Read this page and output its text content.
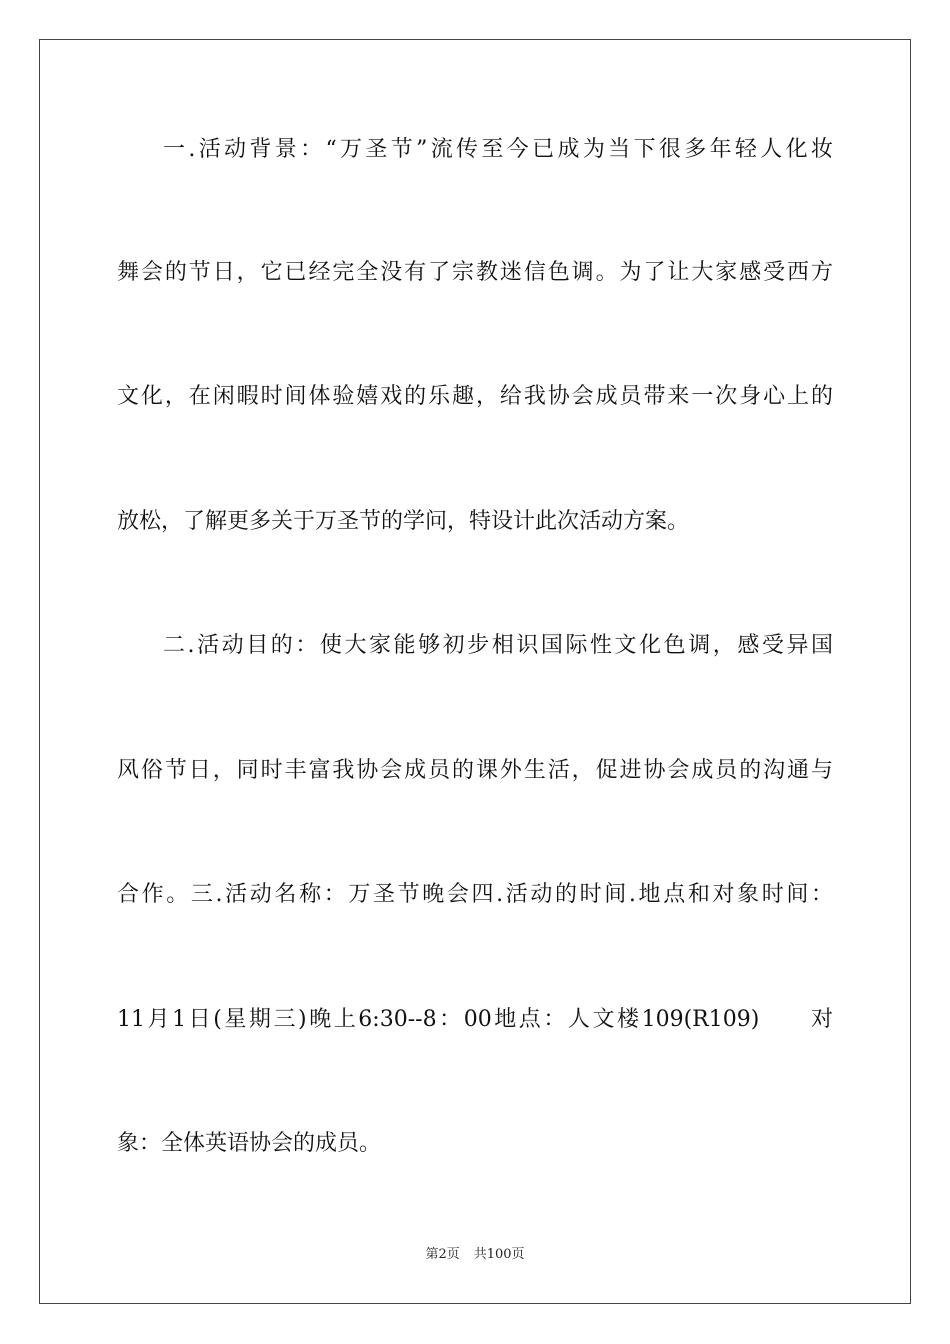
一.活动背景：“万圣节”流传至今已成为当下很多年轻人化妆
舞会的节日，它已经完全没有了宗教迷信色调。为了让大家感受西方
文化，在闲暇时间体验嬉戏的乐趣，给我协会成员带来一次身心上的
放松，了解更多关于万圣节的学问，特设计此次活动方案。
二.活动目的：使大家能够初步相识国际性文化色调，感受异国
风俗节日，同时丰富我协会成员的课外生活，促进协会成员的沟通与
合作。三.活动名称：万圣节晚会四.活动的时间.地点和对象时间：
11月1日(星期三)晚上6:30--8：00地点：人文楼109(R109)　　对
象：全体英语协会的成员。
第2页 共100页
